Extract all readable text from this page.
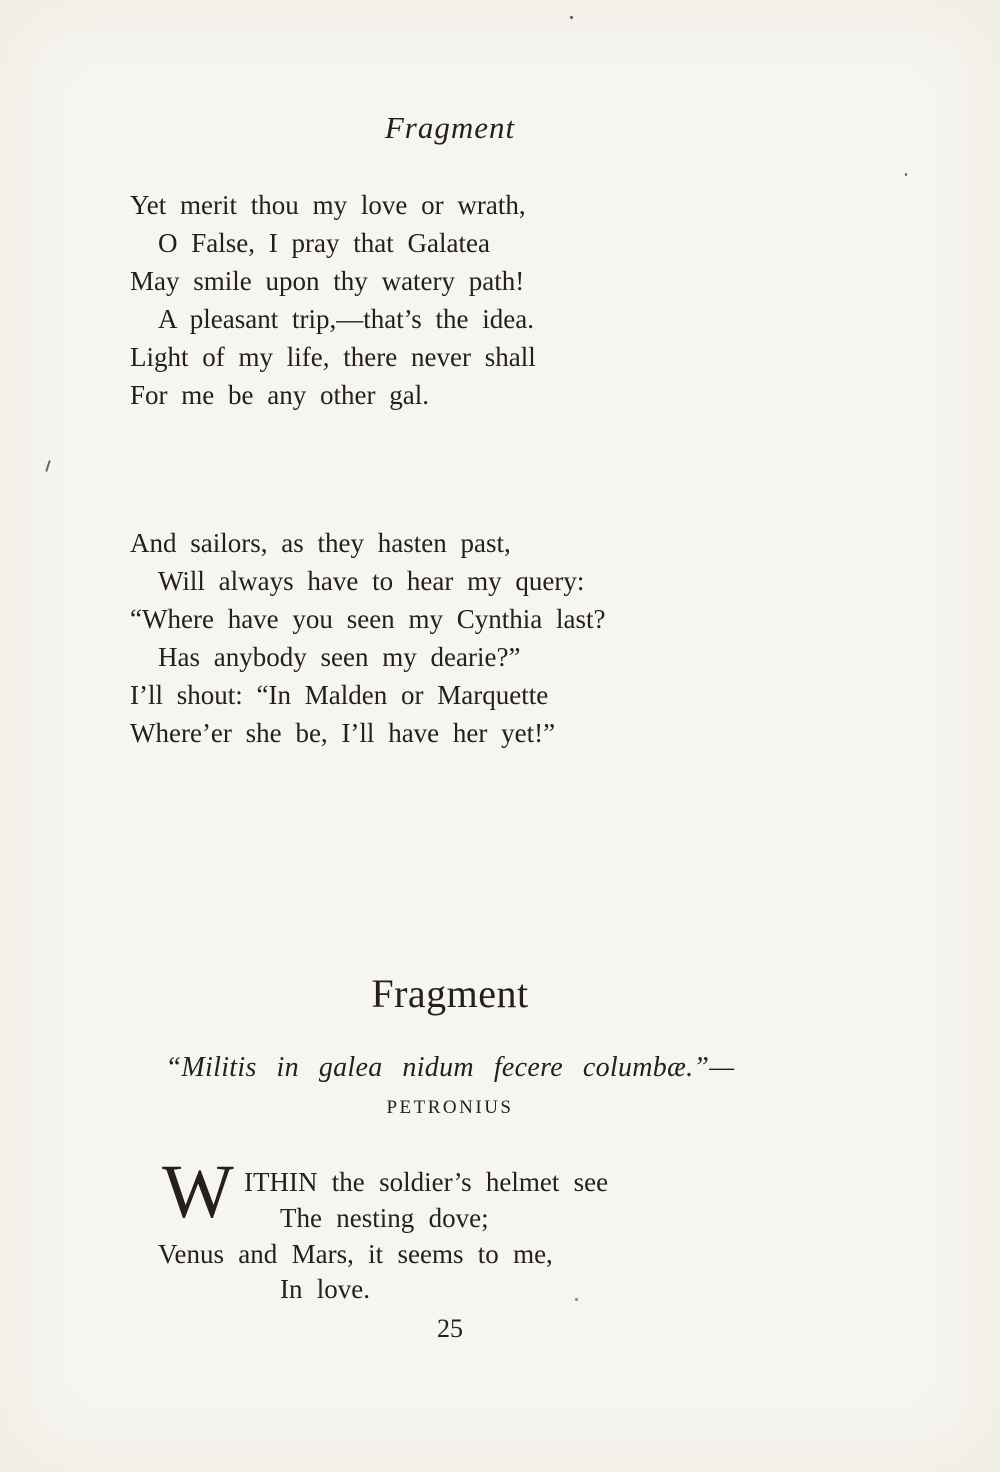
Fragment
Yet merit thou my love or wrath,
O False, I pray that Galatea
May smile upon thy watery path!
A pleasant trip,—that’s the idea.
Light of my life, there never shall
For me be any other gal.
And sailors, as they hasten past,
Will always have to hear my query:
“Where have you seen my Cynthia last?
Has anybody seen my dearie?”
I’ll shout: “In Malden or Marquette
Where’er she be, I’ll have her yet!”
Fragment
“Militis in galea nidum fecere columbæ.”—
PETRONIUS
W ITHIN the soldier’s helmet see
The nesting dove;
Venus and Mars, it seems to me,
In love.
25
